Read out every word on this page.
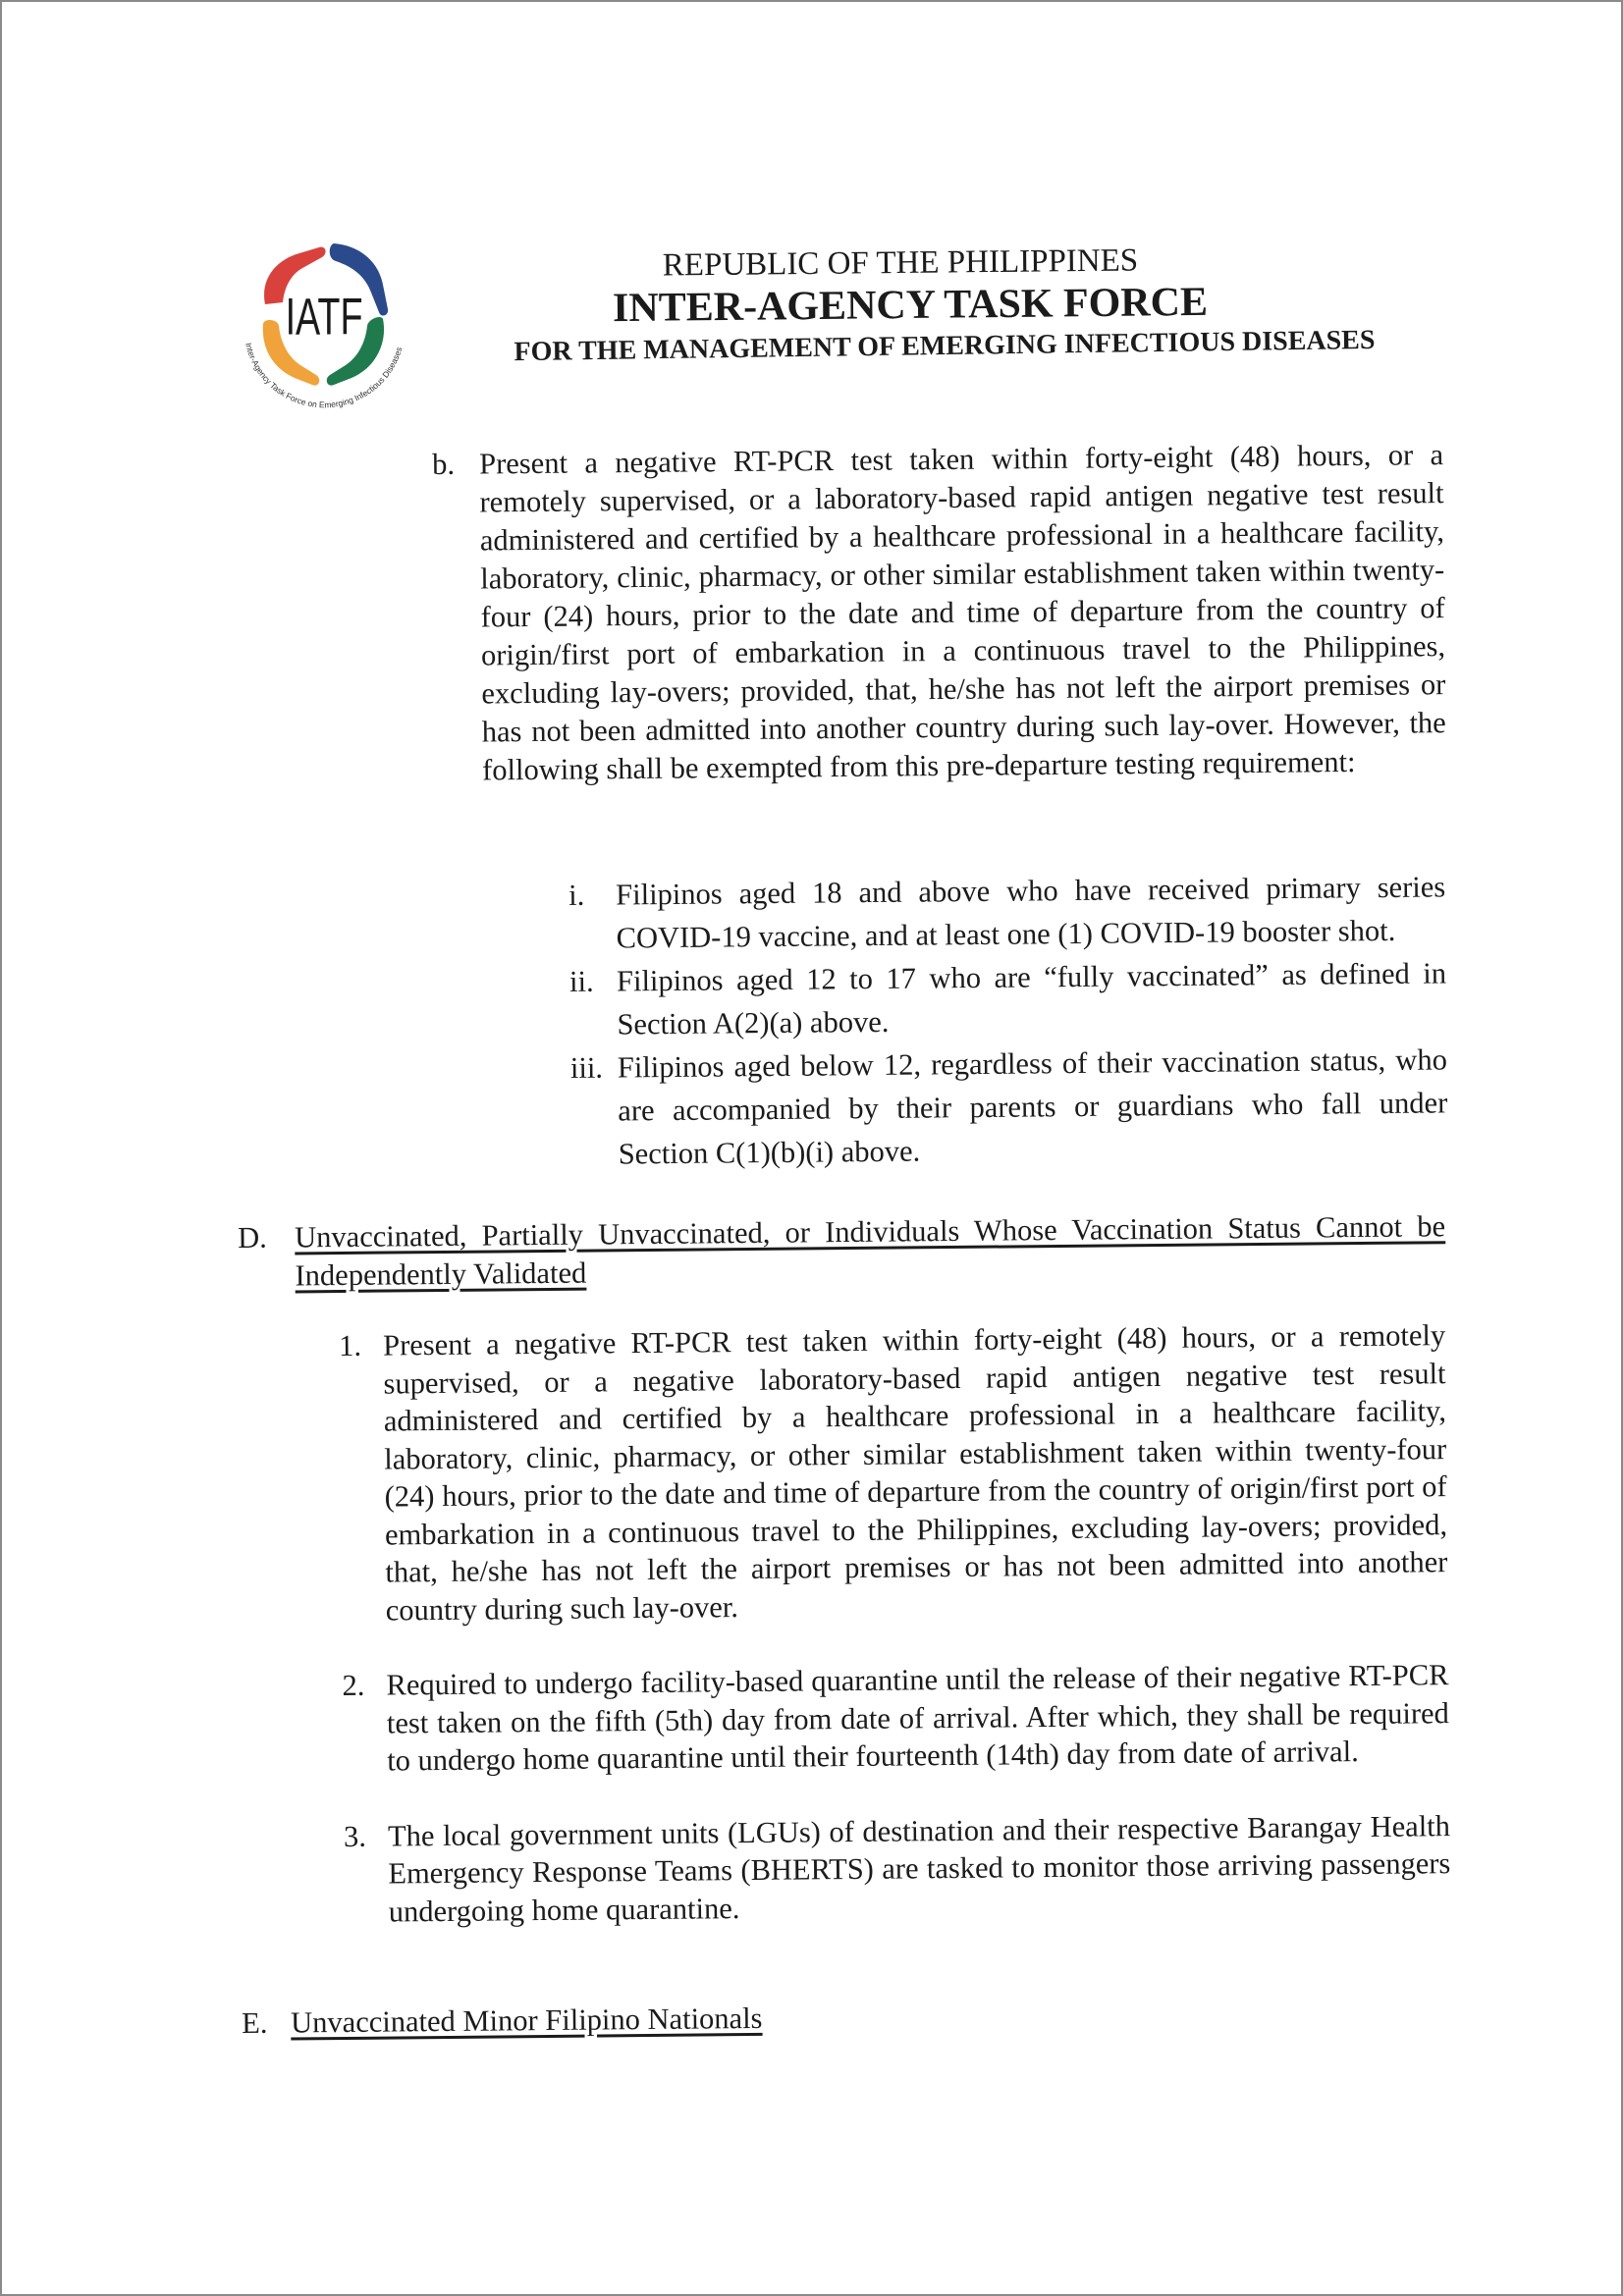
IATF
Inter-Agency Task Force on Emerging Infectious Diseases
REPUBLIC OF THE PHILIPPINES
INTER-AGENCY TASK FORCE
FOR THE MANAGEMENT OF EMERGING INFECTIOUS DISEASES
b. Present a negative RT-PCR test taken within forty-eight (48) hours, or a remotely supervised, or a laboratory-based rapid antigen negative test result administered and certified by a healthcare professional in a healthcare facility, laboratory, clinic, pharmacy, or other similar establishment taken within twenty-four (24) hours, prior to the date and time of departure from the country of origin/first port of embarkation in a continuous travel to the Philippines, excluding lay-overs; provided, that, he/she has not left the airport premises or has not been admitted into another country during such lay-over. However, the following shall be exempted from this pre-departure testing requirement:
i.	Filipinos aged 18 and above who have received primary series COVID-19 vaccine, and at least one (1) COVID-19 booster shot.
ii. Filipinos aged 12 to 17 who are “fully vaccinated” as defined in Section A(2)(a) above.
iii. Filipinos aged below 12, regardless of their vaccination status, who are accompanied by their parents or guardians who fall under Section C(1)(b)(i) above.
D. Unvaccinated, Partially Unvaccinated, or Individuals Whose Vaccination Status Cannot be Independently Validated
1. Present a negative RT-PCR test taken within forty-eight (48) hours, or a remotely supervised, or a negative laboratory-based rapid antigen negative test result administered and certified by a healthcare professional in a healthcare facility, laboratory, clinic, pharmacy, or other similar establishment taken within twenty-four (24) hours, prior to the date and time of departure from the country of origin/first port of embarkation in a continuous travel to the Philippines, excluding lay-overs; provided, that, he/she has not left the airport premises or has not been admitted into another country during such lay-over.
2. Required to undergo facility-based quarantine until the release of their negative RT-PCR test taken on the fifth (5th) day from date of arrival. After which, they shall be required to undergo home quarantine until their fourteenth (14th) day from date of arrival.
3. The local government units (LGUs) of destination and their respective Barangay Health Emergency Response Teams (BHERTS) are tasked to monitor those arriving passengers undergoing home quarantine.
E. Unvaccinated Minor Filipino Nationals
